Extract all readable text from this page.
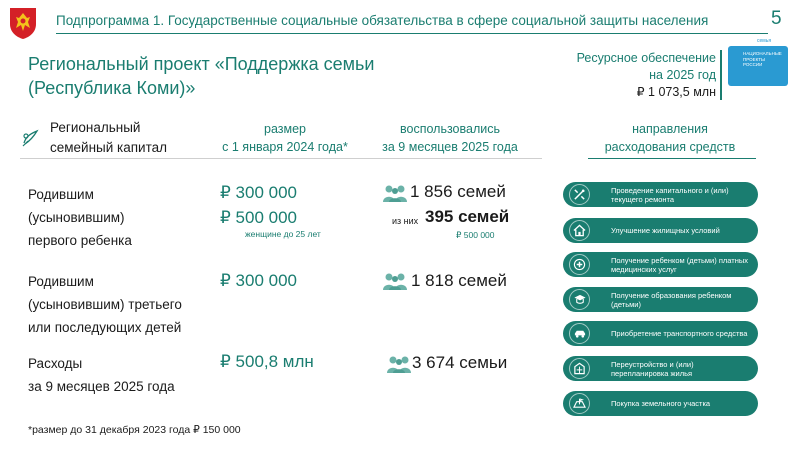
Подпрограмма 1. Государственные социальные обязательства в сфере социальной защиты населения	5
Региональный проект «Поддержка семьи
(Республика Коми)»
Ресурсное обеспечение
на 2025 год
₽ 1 073,5 млн
семья
НАЦИОНАЛЬНЫЕ ПРОЕКТЫ РОССИИ
Региональный
семейный капитал
размер
с 1 января 2024 года*
воспользовались
за 9 месяцев 2025 года
направления
расходования средств
Родившим
(усыновившим)
первого ребенка
Родившим
(усыновившим) третьего
или последующих детей
Расходы
за 9 месяцев 2025 года
₽ 300 000
₽ 500 000
женщине до 25 лет
₽ 300 000
₽ 500,8 млн
1 856 семей
из них 395 семей
₽ 500 000
1 818 семей
3 674 семьи
Проведение капитального и (или) текущего ремонта
Улучшение жилищных условий
Получение ребенком (детьми) платных медицинских услуг
Получение образования ребенком (детьми)
Приобретение транспортного средства
Переустройство и (или) перепланировка жилья
Покупка земельного участка
*размер до 31 декабря 2023 года ₽ 150 000
